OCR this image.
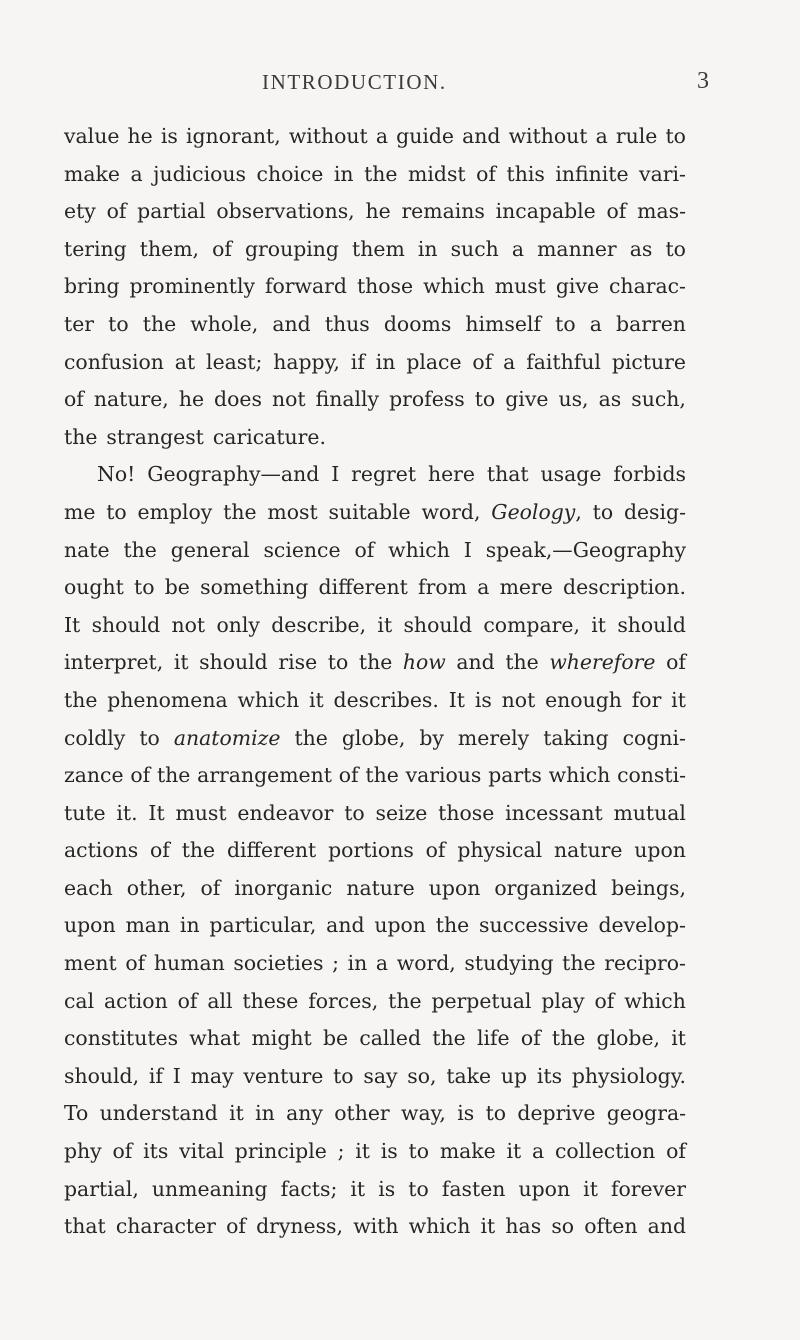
INTRODUCTION.	3
value he is ignorant, without a guide and without a rule to
make a judicious choice in the midst of this infinite vari-
ety of partial observations, he remains incapable of mas-
tering them, of grouping them in such a manner as to
bring prominently forward those which must give charac-
ter to the whole, and thus dooms himself to a barren
confusion at least; happy, if in place of a faithful picture
of nature, he does not finally profess to give us, as such,
the strangest caricature.
No! Geography—and I regret here that usage forbids
me to employ the most suitable word, Geology, to desig-
nate the general science of which I speak,—Geography
ought to be something different from a mere description.
It should not only describe, it should compare, it should
interpret, it should rise to the how and the wherefore of
the phenomena which it describes. It is not enough for it
coldly to anatomize the globe, by merely taking cogni-
zance of the arrangement of the various parts which consti-
tute it. It must endeavor to seize those incessant mutual
actions of the different portions of physical nature upon
each other, of inorganic nature upon organized beings,
upon man in particular, and upon the successive develop-
ment of human societies ; in a word, studying the recipro-
cal action of all these forces, the perpetual play of which
constitutes what might be called the life of the globe, it
should, if I may venture to say so, take up its physiology.
To understand it in any other way, is to deprive geogra-
phy of its vital principle ; it is to make it a collection of
partial, unmeaning facts; it is to fasten upon it forever
that character of dryness, with which it has so often and
